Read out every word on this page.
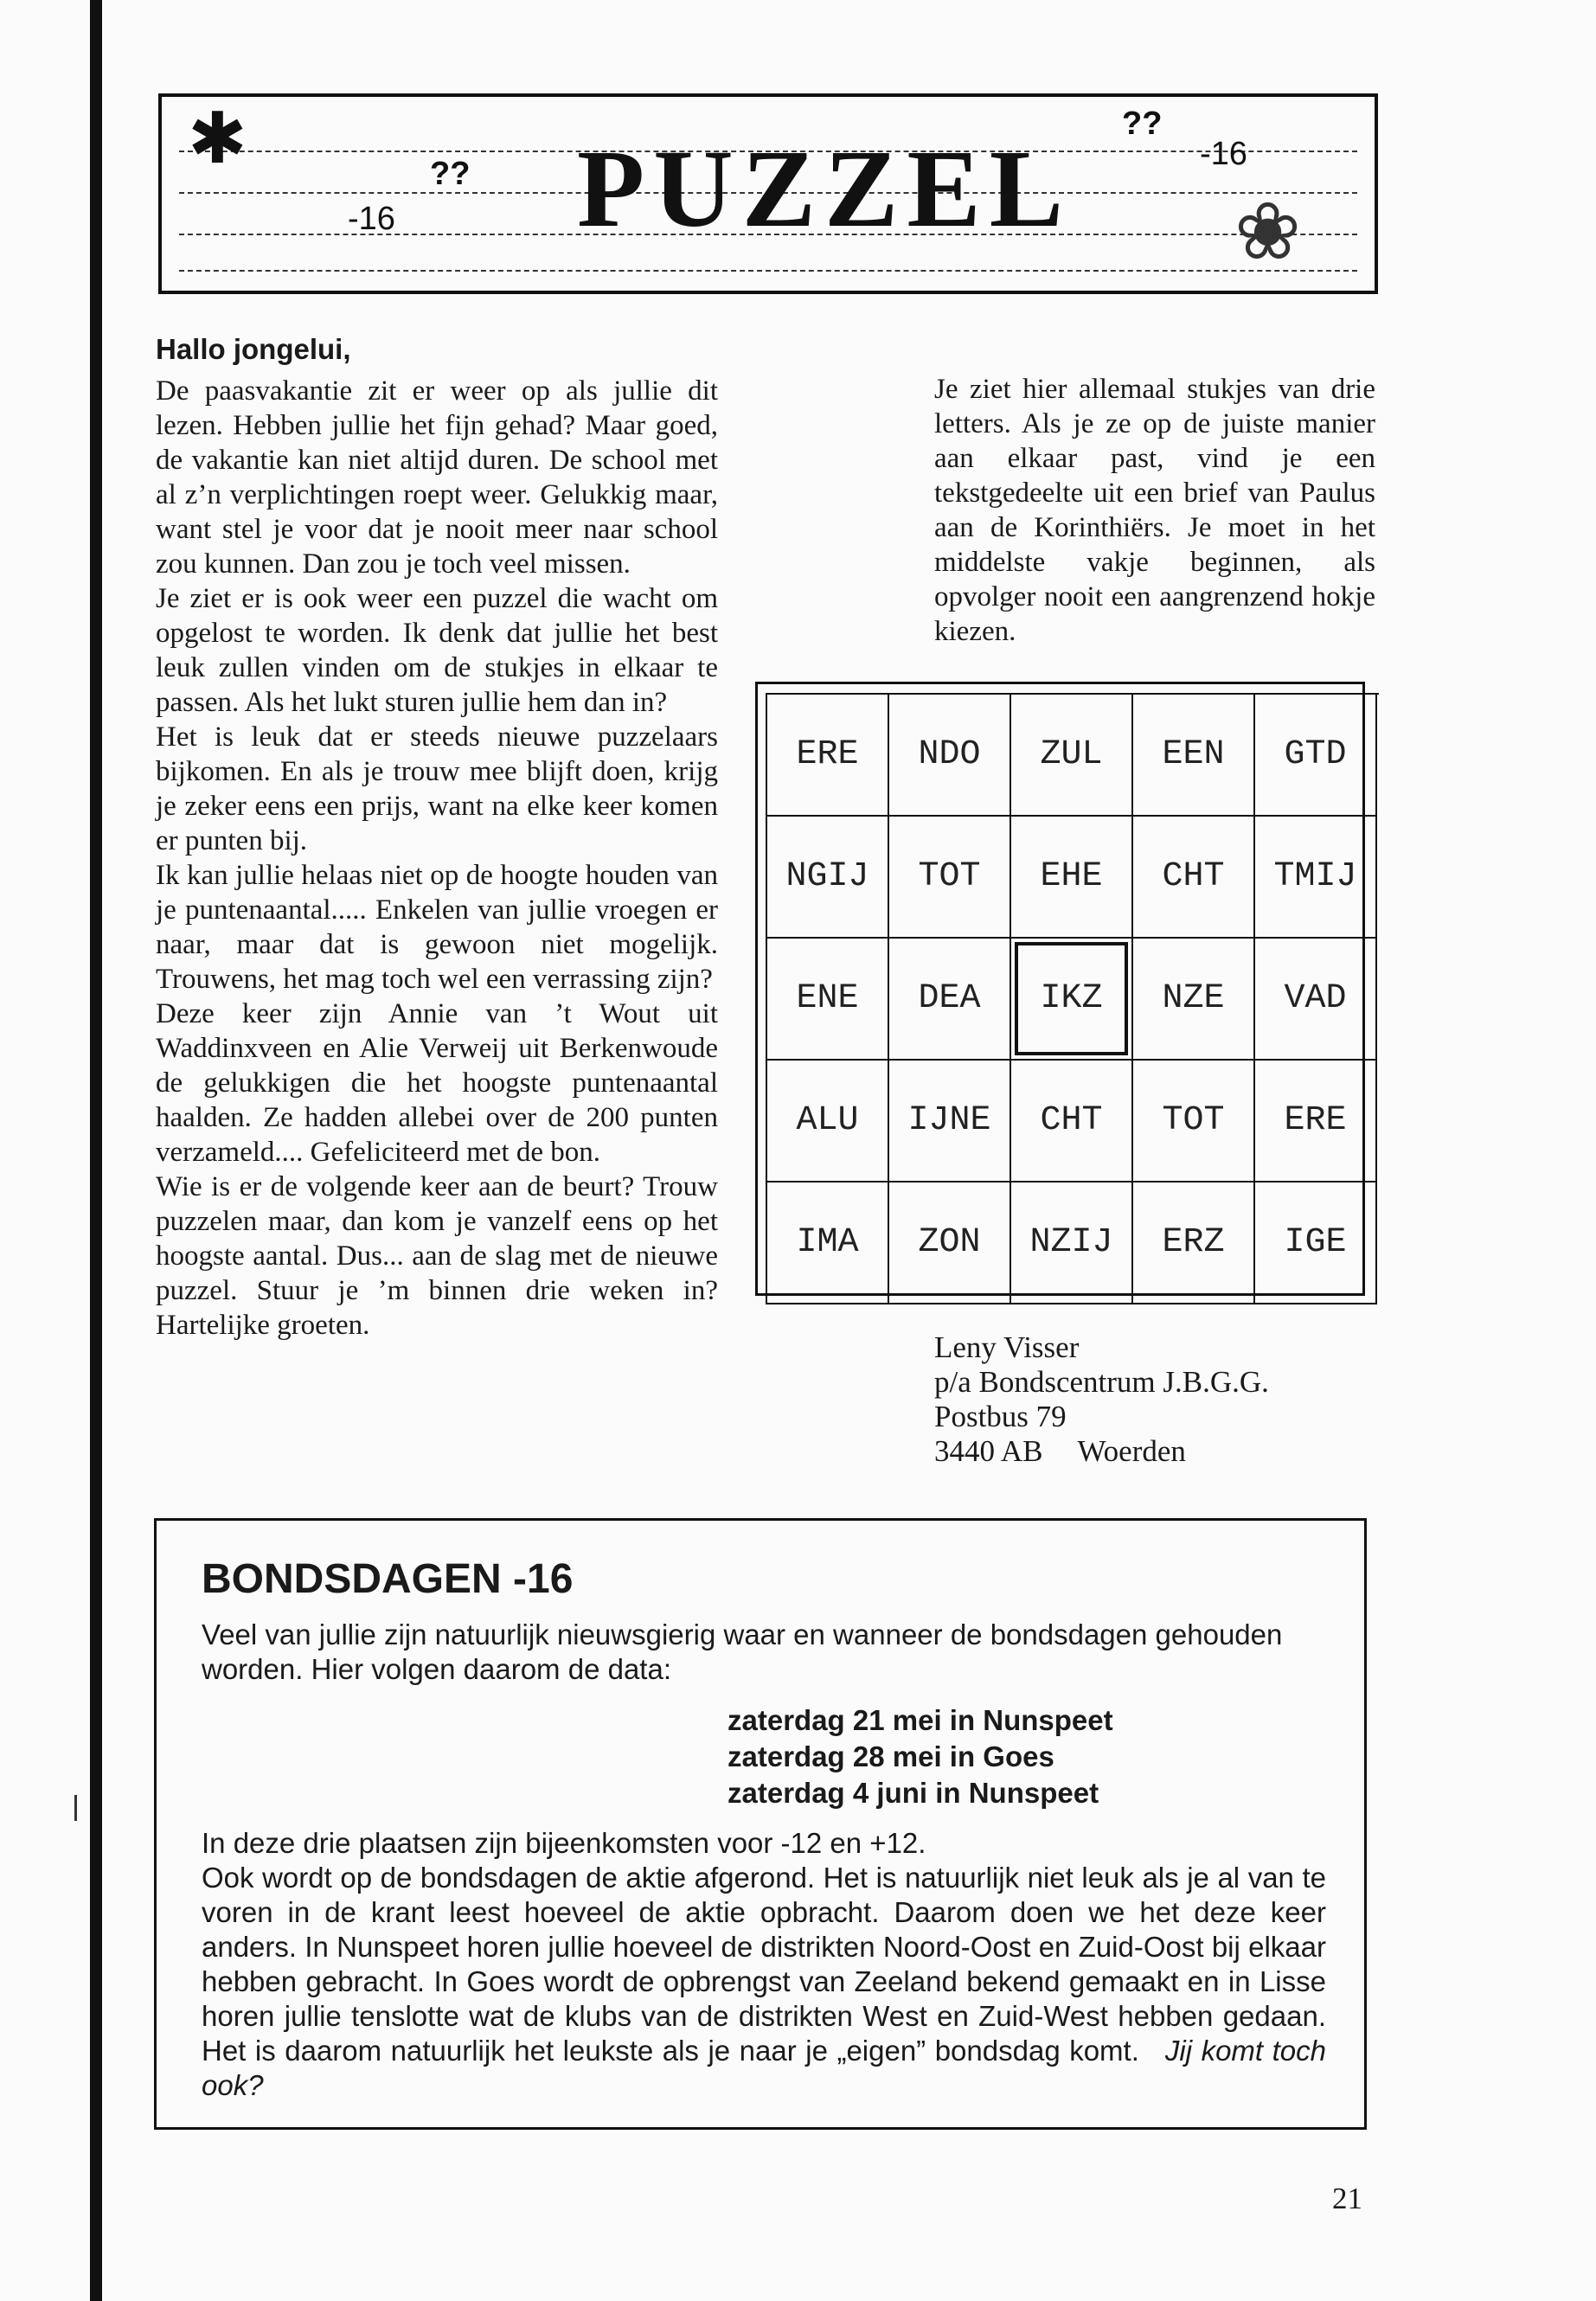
✱
-16
?? PUZZEL
??
-16
❀
Hallo jongelui,

De paasvakantie zit er weer op als jullie dit lezen. Hebben jullie het fijn gehad? Maar goed, de vakantie kan niet altijd duren. De school met al z’n verplichtingen roept weer. Gelukkig maar, want stel je voor dat je nooit meer naar school zou kunnen. Dan zou je toch veel missen.

Je ziet er is ook weer een puzzel die wacht om opgelost te worden. Ik denk dat jullie het best leuk zullen vinden om de stukjes in elkaar te passen. Als het lukt sturen jullie hem dan in?

Het is leuk dat er steeds nieuwe puzzelaars bijkomen. En als je trouw mee blijft doen, krijg je zeker eens een prijs, want na elke keer komen er punten bij.

Ik kan jullie helaas niet op de hoogte houden van je puntenaantal..... Enkelen van jullie vroegen er naar, maar dat is gewoon niet mogelijk. Trouwens, het mag toch wel een verrassing zijn?

Deze keer zijn Annie van ’t Wout uit Waddinxveen en Alie Verweij uit Berkenwoude de gelukkigen die het hoogste puntenaantal haalden. Ze hadden allebei over de 200 punten verzameld.... Gefeliciteerd met de bon.

Wie is er de volgende keer aan de beurt? Trouw puzzelen maar, dan kom je vanzelf eens op het hoogste aantal. Dus... aan de slag met de nieuwe puzzel. Stuur je ’m binnen drie weken in? Hartelijke groeten.

Je ziet hier allemaal stukjes van drie letters. Als je ze op de juiste manier aan elkaar past, vind je een tekstgedeelte uit een brief van Paulus aan de Korinthiërs. Je moet in het middelste vakje beginnen, als opvolger nooit een aangrenzend hokje kiezen.
ERE	NDO	ZUL	EEN	GTD
NGIJ	TOT	EHE	CHT	TMIJ
ENE	DEA	IKZ	NZE	VAD
ALU	IJNE	CHT	TOT	ERE
IMA	ZON	NZIJ	ERZ	IGE
Leny Visser
p/a Bondscentrum J.B.G.G.
Postbus 79
3440 AB Woerden
BONDSDAGEN -16
Veel van jullie zijn natuurlijk nieuwsgierig waar en wanneer de bondsdagen gehouden worden. Hier volgen daarom de data:
zaterdag 21 mei in Nunspeet
zaterdag 28 mei in Goes
zaterdag 4 juni in Nunspeet
In deze drie plaatsen zijn bijeenkomsten voor -12 en +12.
Ook wordt op de bondsdagen de aktie afgerond. Het is natuurlijk niet leuk als je al van te voren in de krant leest hoeveel de aktie opbracht. Daarom doen we het deze keer anders. In Nunspeet horen jullie hoeveel de distrikten Noord-Oost en Zuid-Oost bij elkaar hebben gebracht. In Goes wordt de opbrengst van Zeeland bekend gemaakt en in Lisse horen jullie tenslotte wat de klubs van de distrikten West en Zuid-West hebben gedaan. Het is daarom natuurlijk het leukste als je naar je „eigen” bondsdag komt. Jij komt toch ook?
21
